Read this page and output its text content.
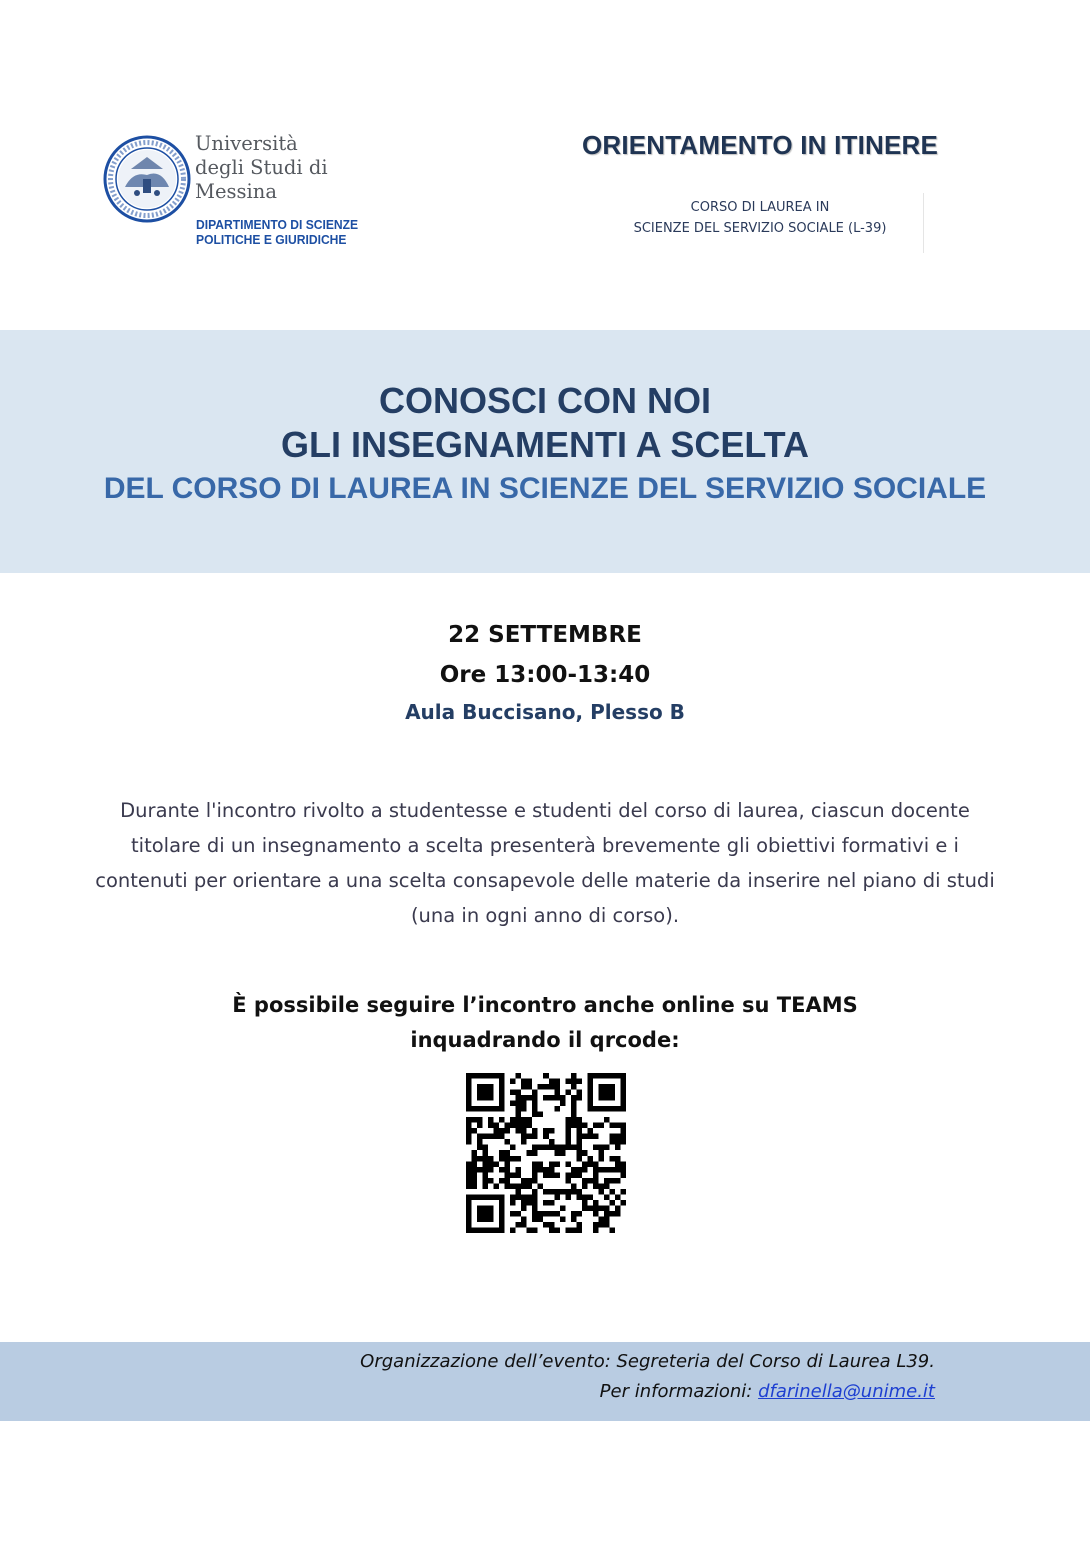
Università
degli Studi di
Messina
DIPARTIMENTO DI SCIENZE
POLITICHE E GIURIDICHE
ORIENTAMENTO IN ITINERE
CORSO DI LAUREA IN
SCIENZE DEL SERVIZIO SOCIALE (L-39)
CONOSCI CON NOI
GLI INSEGNAMENTI A SCELTA
DEL CORSO DI LAUREA IN SCIENZE DEL SERVIZIO SOCIALE
22 SETTEMBRE
Ore 13:00-13:40
Aula Buccisano, Plesso B
Durante l'incontro rivolto a studentesse e studenti del corso di laurea, ciascun docente titolare di un insegnamento a scelta presenterà brevemente gli obiettivi formativi e i contenuti per orientare a una scelta consapevole delle materie da inserire nel piano di studi (una in ogni anno di corso).
È possibile seguire l’incontro anche online su TEAMS
inquadrando il qrcode:
Organizzazione dell’evento: Segreteria del Corso di Laurea L39.
Per informazioni: dfarinella@unime.it
